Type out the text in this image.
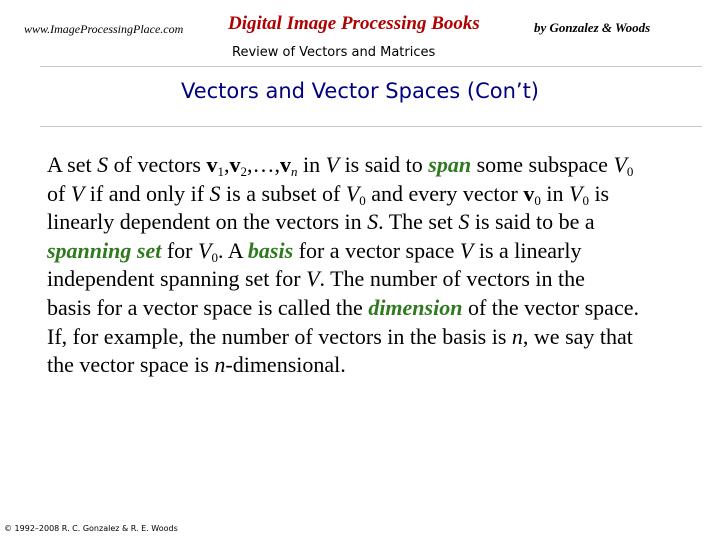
www.ImageProcessingPlace.com Digital Image Processing Books	by Gonzalez & Woods
Review of Vectors and Matrices
Vectors and Vector Spaces (Con’t)
A set S of vectors $v_1,v_2,\dots,v_n$ in V is said to span some subspace $V_0$
of V if and only if S is a subset of $V_0$ and every vector $v_0$ in $V_0$ is
linearly dependent on the vectors in S. The set S is said to be a
spanning set for $V_0$. A basis for a vector space V is a linearly
independent spanning set for V. The number of vectors in the
basis for a vector space is called the dimension of the vector space.
If, for example, the number of vectors in the basis is n, we say that
the vector space is n-dimensional.
© 1992–2008 R. C. Gonzalez & R. E. Woods
